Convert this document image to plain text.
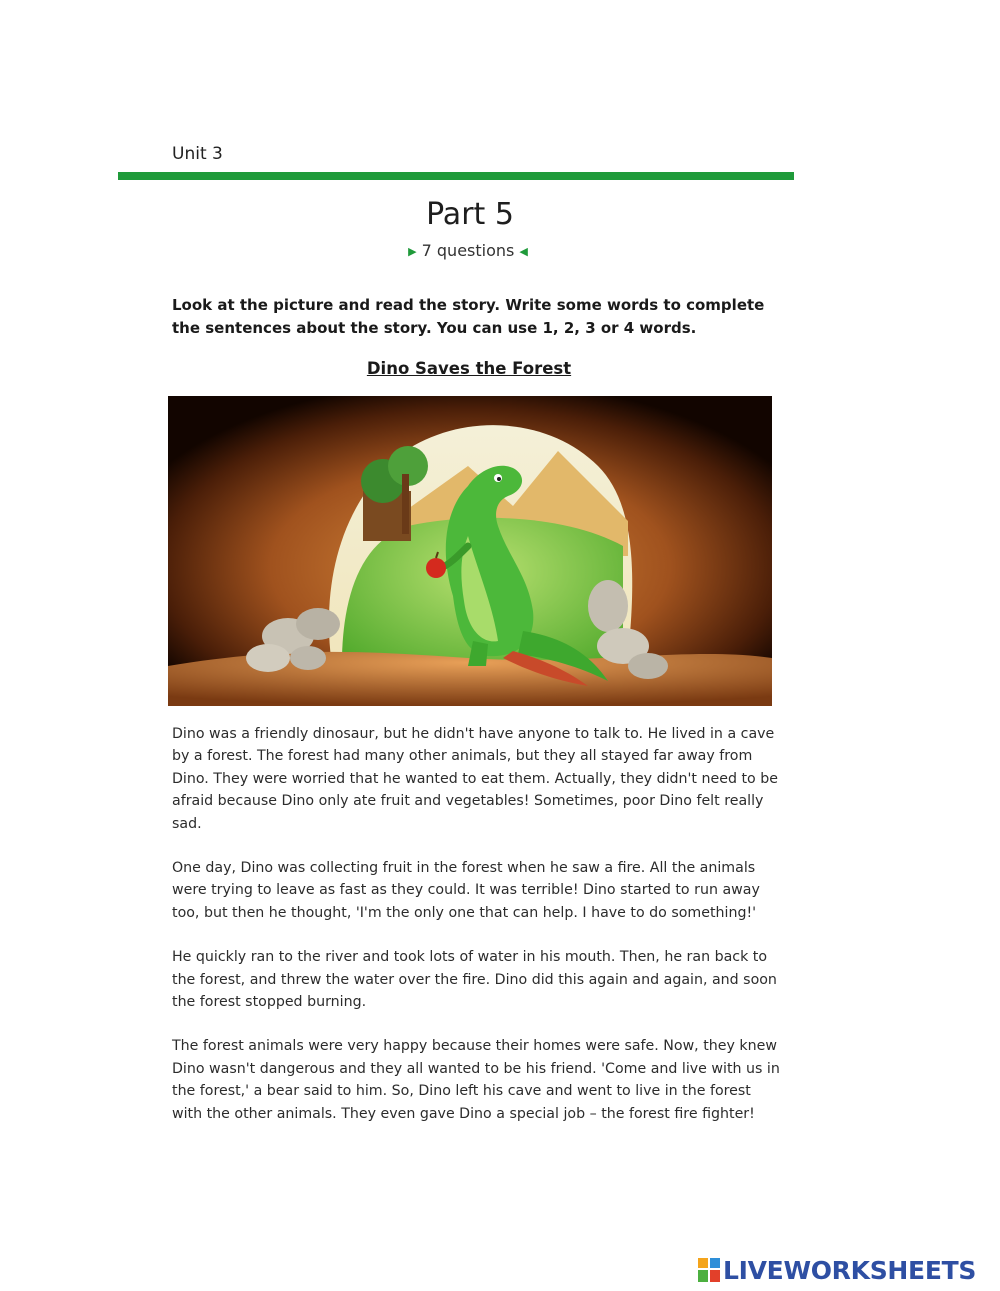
Unit 3
Part 5
▶ 7 questions ◀
Look at the picture and read the story. Write some words to complete the sentences about the story. You can use 1, 2, 3 or 4 words.
Dino Saves the Forest

Dino was a friendly dinosaur, but he didn't have anyone to talk to. He lived in a cave by a forest. The forest had many other animals, but they all stayed far away from Dino. They were worried that he wanted to eat them. Actually, they didn't need to be afraid because Dino only ate fruit and vegetables! Sometimes, poor Dino felt really sad.

One day, Dino was collecting fruit in the forest when he saw a fire. All the animals were trying to leave as fast as they could. It was terrible! Dino started to run away too, but then he thought, 'I'm the only one that can help. I have to do something!'

He quickly ran to the river and took lots of water in his mouth. Then, he ran back to the forest, and threw the water over the fire. Dino did this again and again, and soon the forest stopped burning.

The forest animals were very happy because their homes were safe. Now, they knew Dino wasn't dangerous and they all wanted to be his friend. 'Come and live with us in the forest,' a bear said to him. So, Dino left his cave and went to live in the forest with the other animals. They even gave Dino a special job – the forest fire fighter!

LIVEWORKSHEETS
